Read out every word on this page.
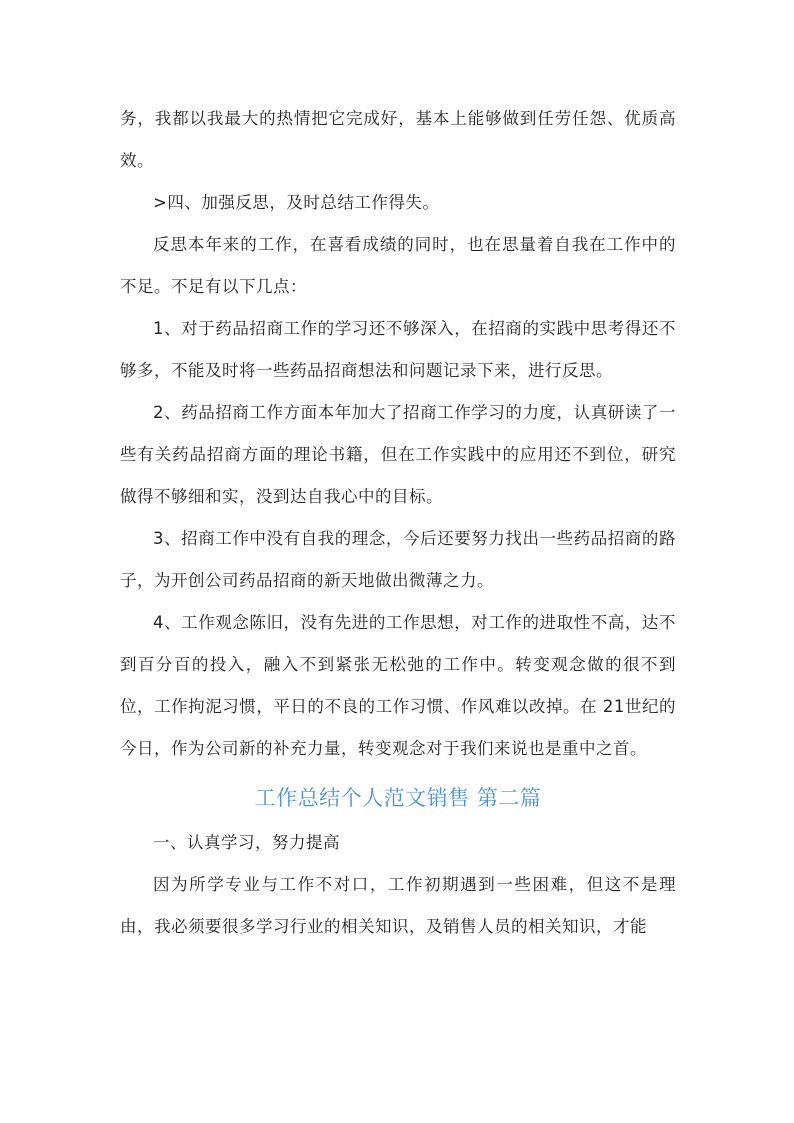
务，我都以我最大的热情把它完成好，基本上能够做到任劳任怨、优质高效。

>四、加强反思，及时总结工作得失。

反思本年来的工作，在喜看成绩的同时，也在思量着自我在工作中的不足。不足有以下几点：

1、对于药品招商工作的学习还不够深入，在招商的实践中思考得还不够多，不能及时将一些药品招商想法和问题记录下来，进行反思。

2、药品招商工作方面本年加大了招商工作学习的力度，认真研读了一些有关药品招商方面的理论书籍，但在工作实践中的应用还不到位，研究做得不够细和实，没到达自我心中的目标。

3、招商工作中没有自我的理念，今后还要努力找出一些药品招商的路子，为开创公司药品招商的新天地做出微薄之力。

4、工作观念陈旧，没有先进的工作思想，对工作的进取性不高，达不到百分百的投入，融入不到紧张无松弛的工作中。转变观念做的很不到位，工作拘泥习惯，平日的不良的工作习惯、作风难以改掉。在 21世纪的今日，作为公司新的补充力量，转变观念对于我们来说也是重中之首。

工作总结个人范文销售 第二篇

一、认真学习，努力提高

因为所学专业与工作不对口，工作初期遇到一些困难，但这不是理由，我必须要很多学习行业的相关知识，及销售人员的相关知识，才能
